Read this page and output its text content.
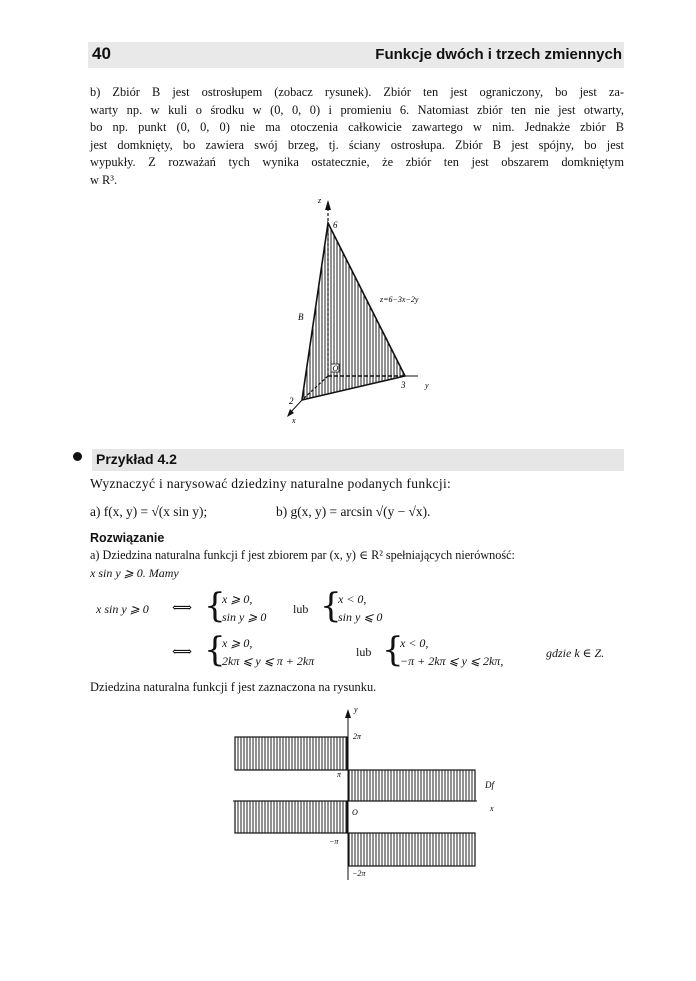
40	Funkcje dwóch i trzech zmiennych
b) Zbiór B jest ostrosłupem (zobacz rysunek). Zbiór ten jest ograniczony, bo jest za-
warty np. w kuli o środku w (0, 0, 0) i promieniu 6. Natomiast zbiór ten nie jest otwarty,
bo np. punkt (0, 0, 0) nie ma otoczenia całkowicie zawartego w nim. Jednakże zbiór B
jest domknięty, bo zawiera swój brzeg, tj. ściany ostrosłupa. Zbiór B jest spójny, bo jest
wypukły. Z rozważań tych wynika ostatecznie, że zbiór ten jest obszarem domkniętym
w R³.
O
z
6
B
z=6−3x−2y
3 y
2
x
Przykład 4.2
Wyznaczyć i narysować dziedziny naturalne podanych funkcji:
a) f(x, y) = √(x sin y);	b) g(x, y) = arcsin √(y − √x).
Rozwiązanie
a) Dziedzina naturalna funkcji f jest zbiorem par (x, y) ∈ R² spełniających nierówność:
x sin y ⩾ 0. Mamy
x sin y ⩾ 0 ⟺ {
x ⩾ 0,
sin y ⩾ 0
lub {
x < 0,
sin y ⩽ 0
⟺ {
x ⩾ 0,
2kπ ⩽ y ⩽ π + 2kπ
lub {
x < 0,
−π + 2kπ ⩽ y ⩽ 2kπ,
gdzie k ∈ Z.
Dziedzina naturalna funkcji f jest zaznaczona na rysunku.
y
2π
π
Df
O	x
−π
−2π
